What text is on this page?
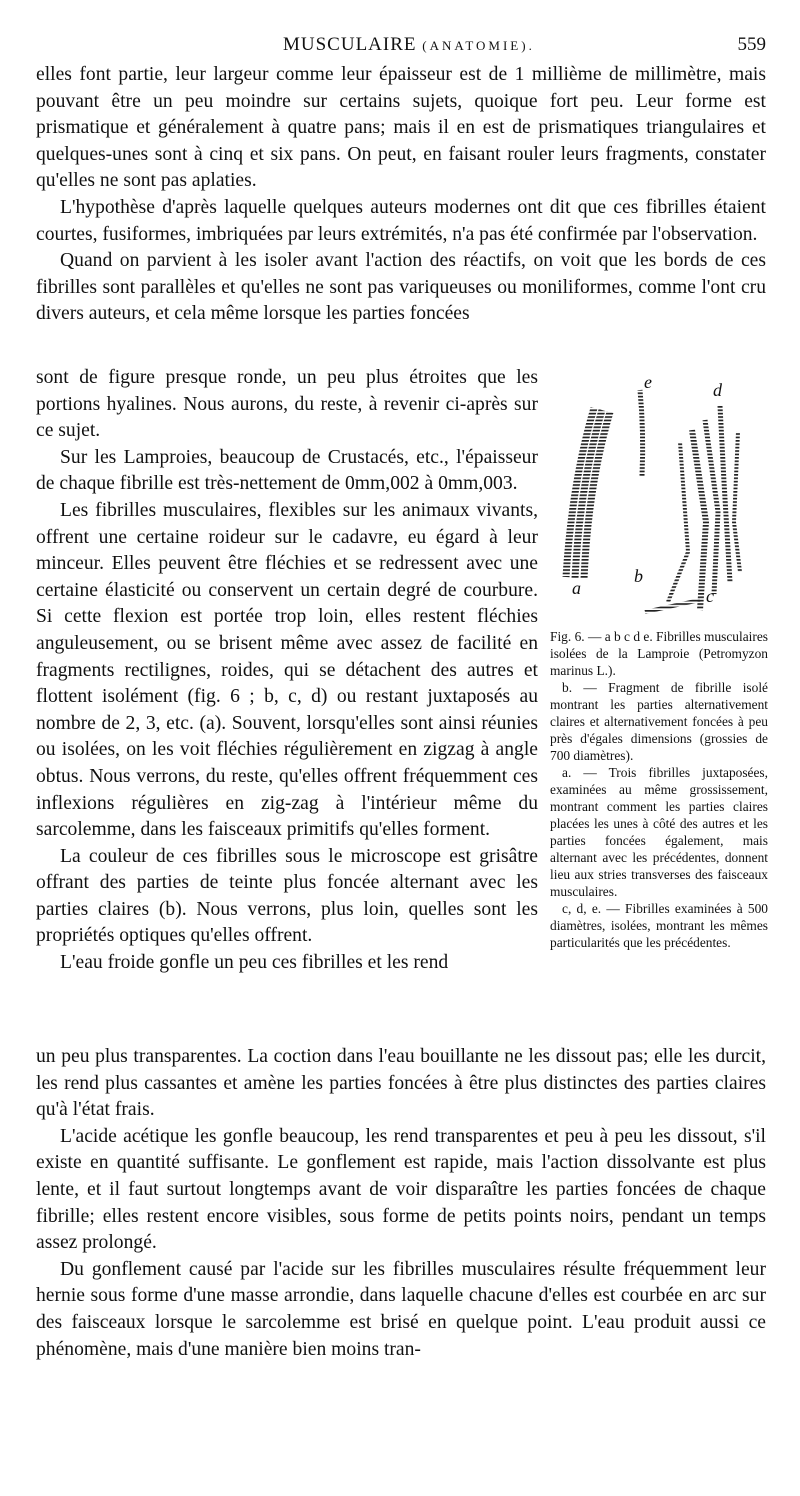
MUSCULAIRE (ANATOMIE).	559

elles font partie, leur largeur comme leur épaisseur est de 1 millième de millimètre, mais pouvant être un peu moindre sur certains sujets, quoique fort peu. Leur forme est prismatique et généralement à quatre pans; mais il en est de prismatiques triangulaires et quelques-unes sont à cinq et six pans. On peut, en faisant rouler leurs fragments, constater qu'elles ne sont pas aplaties.

L'hypothèse d'après laquelle quelques auteurs modernes ont dit que ces fibrilles étaient courtes, fusiformes, imbriquées par leurs extrémités, n'a pas été confirmée par l'observation.

Quand on parvient à les isoler avant l'action des réactifs, on voit que les bords de ces fibrilles sont parallèles et qu'elles ne sont pas variqueuses ou moniliformes, comme l'ont cru divers auteurs, et cela même lorsque les parties foncées

sont de figure presque ronde, un peu plus étroites que les portions hyalines. Nous aurons, du reste, à revenir ci-après sur ce sujet.

Sur les Lamproies, beaucoup de Crustacés, etc., l'épaisseur de chaque fibrille est très-nettement de 0mm,002 à 0mm,003.

Les fibrilles musculaires, flexibles sur les animaux vivants, offrent une certaine roideur sur le cadavre, eu égard à leur minceur. Elles peuvent être fléchies et se redressent avec une certaine élasticité ou conservent un certain degré de courbure. Si cette flexion est portée trop loin, elles restent fléchies anguleusement, ou se brisent même avec assez de facilité en fragments rectilignes, roides, qui se détachent des autres et flottent isolément (fig. 6 ; b, c, d) ou restant juxtaposés au nombre de 2, 3, etc. (a). Souvent, lorsqu'elles sont ainsi réunies ou isolées, on les voit fléchies régulièrement en zigzag à angle obtus. Nous verrons, du reste, qu'elles offrent fréquemment ces inflexions régulières en zig-zag à l'intérieur même du sarcolemme, dans les faisceaux primitifs qu'elles forment.

La couleur de ces fibrilles sous le microscope est grisâtre offrant des parties de teinte plus foncée alternant avec les parties claires (b). Nous verrons, plus loin, quelles sont les propriétés optiques qu'elles offrent.

L'eau froide gonfle un peu ces fibrilles et les rend

a
b
c
d
e

Fig. 6. — a b c d e. Fibrilles musculaires isolées de la Lamproie (Petromyzon marinus L.).

b. — Fragment de fibrille isolé montrant les parties alternativement claires et alternativement foncées à peu près d'égales dimensions (grossies de 700 diamètres).

a. — Trois fibrilles juxtaposées, examinées au même grossissement, montrant comment les parties claires placées les unes à côté des autres et les parties foncées également, mais alternant avec les précédentes, donnent lieu aux stries transverses des faisceaux musculaires.

c, d, e. — Fibrilles examinées à 500 diamètres, isolées, montrant les mêmes particularités que les précédentes.

un peu plus transparentes. La coction dans l'eau bouillante ne les dissout pas; elle les durcit, les rend plus cassantes et amène les parties foncées à être plus distinctes des parties claires qu'à l'état frais.

L'acide acétique les gonfle beaucoup, les rend transparentes et peu à peu les dissout, s'il existe en quantité suffisante. Le gonflement est rapide, mais l'action dissolvante est plus lente, et il faut surtout longtemps avant de voir disparaître les parties foncées de chaque fibrille; elles restent encore visibles, sous forme de petits points noirs, pendant un temps assez prolongé.

Du gonflement causé par l'acide sur les fibrilles musculaires résulte fréquemment leur hernie sous forme d'une masse arrondie, dans laquelle chacune d'elles est courbée en arc sur des faisceaux lorsque le sarcolemme est brisé en quelque point. L'eau produit aussi ce phénomène, mais d'une manière bien moins tran-
